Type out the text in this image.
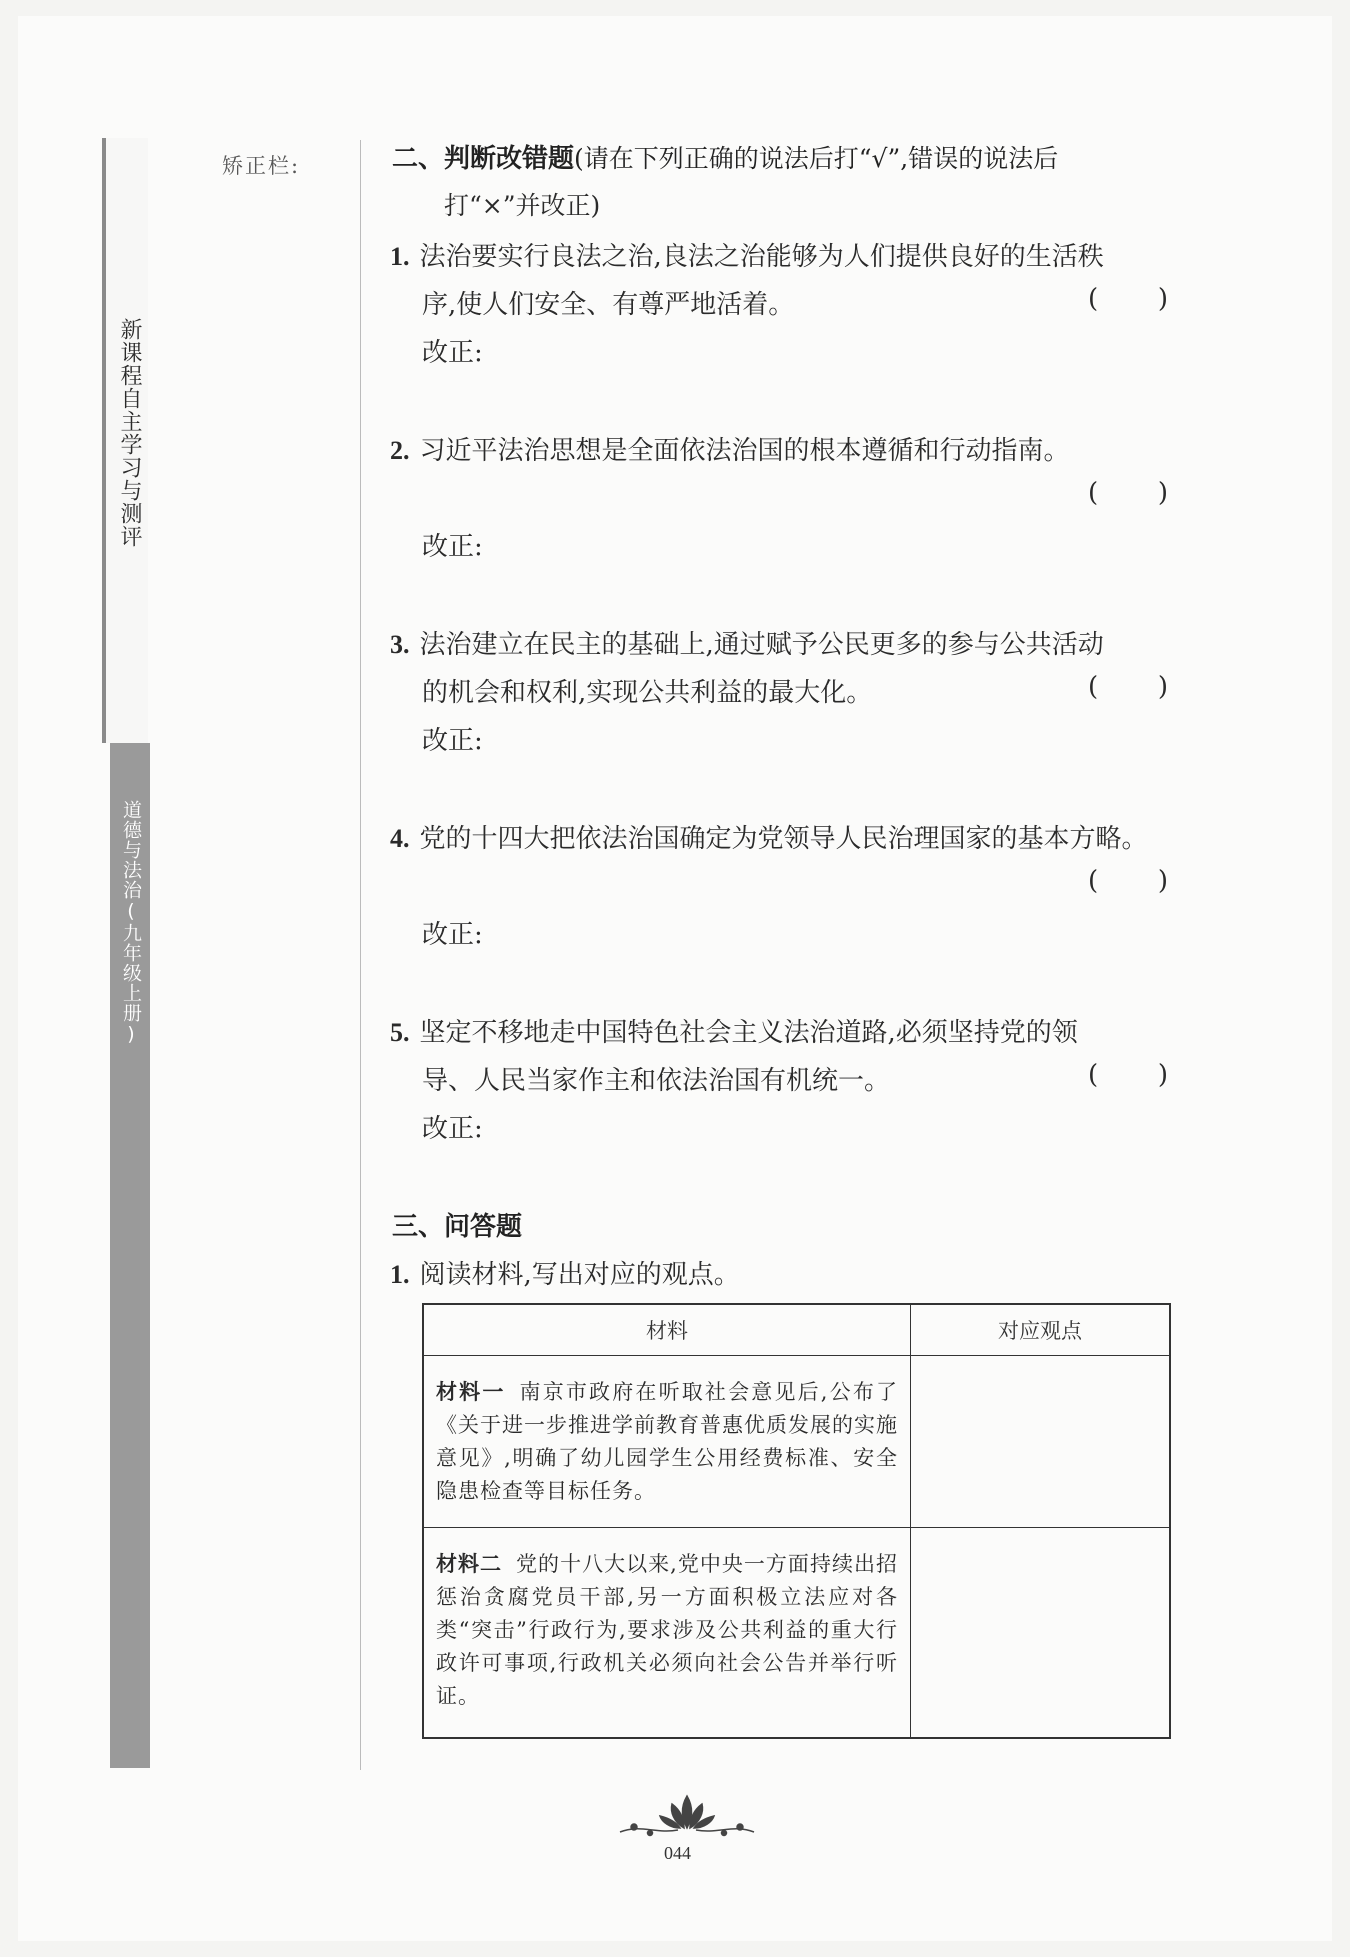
新课程自主学习与测评
道德与法治(九年级上册)
矫正栏:	二、判断改错题(请在下列正确的说法后打“√”,错误的说法后
打“×”并改正)
1. 法治要实行良法之治,良法之治能够为人们提供良好的生活秩
序,使人们安全、有尊严地活着。	( )
改正:
2. 习近平法治思想是全面依法治国的根本遵循和行动指南。
( )
改正:
3. 法治建立在民主的基础上,通过赋予公民更多的参与公共活动
的机会和权利,实现公共利益的最大化。	( )
改正:
4. 党的十四大把依法治国确定为党领导人民治理国家的基本方略。
( )
改正:
5. 坚定不移地走中国特色社会主义法治道路,必须坚持党的领
导、人民当家作主和依法治国有机统一。	( )
改正:
三、问答题
1. 阅读材料,写出对应的观点。
材料	对应观点
材料一 南京市政府在听取社会意见后,公布了《关于进一步推进学前教育普惠优质发展的实施意见》,明确了幼儿园学生公用经费标准、安全隐患检查等目标任务。	
材料二 党的十八大以来,党中央一方面持续出招惩治贪腐党员干部,另一方面积极立法应对各类“突击”行政行为,要求涉及公共利益的重大行政许可事项,行政机关必须向社会公告并举行听证。	
044
